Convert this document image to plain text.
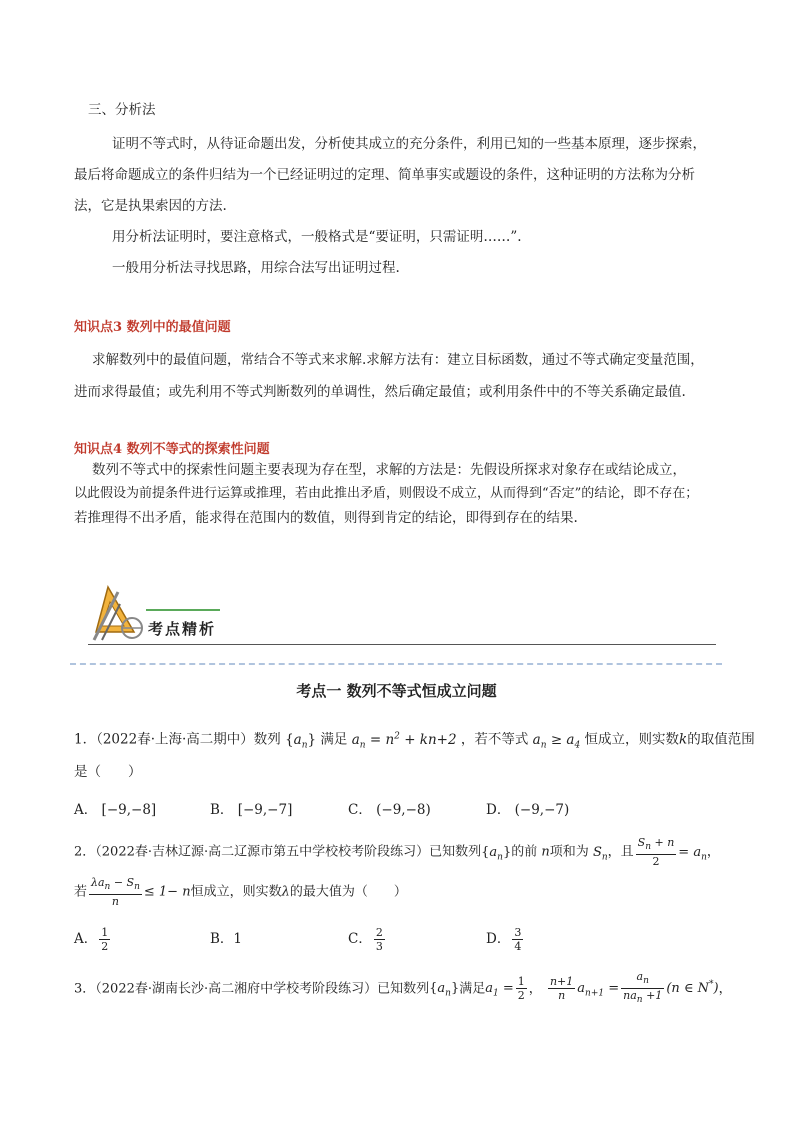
三、分析法
证明不等式时，从待证命题出发，分析使其成立的充分条件，利用已知的一些基本原理，逐步探索，
最后将命题成立的条件归结为一个已经证明过的定理、简单事实或题设的条件，这种证明的方法称为分析
法，它是执果索因的方法.
用分析法证明时，要注意格式，一般格式是“要证明，只需证明……”.
一般用分析法寻找思路，用综合法写出证明过程.
知识点3 数列中的最值问题
求解数列中的最值问题，常结合不等式来求解.求解方法有：建立目标函数，通过不等式确定变量范围，
进而求得最值；或先利用不等式判断数列的单调性，然后确定最值；或利用条件中的不等关系确定最值.
知识点4 数列不等式的探索性问题
数列不等式中的探索性问题主要表现为存在型，求解的方法是：先假设所探求对象存在或结论成立，
以此假设为前提条件进行运算或推理，若由此推出矛盾，则假设不成立，从而得到“否定”的结论，即不存在；
若推理得不出矛盾，能求得在范围内的数值，则得到肯定的结论，即得到存在的结果.
考点精析
考点一 数列不等式恒成立问题
1．（2022春·上海·高二期中）数列 $\{a_n\}$ 满足 $a_n = n^2 + kn+2$ ，若不等式 $a_n \ge a_4$ 恒成立，则实数k的取值范围
是（　　）
A． [−9,−8]	B． [−9,−7]	C． (−9,−8)	D． (−9,−7)
2．（2022春·吉林辽源·高二辽源市第五中学校校考阶段练习）已知数列$\{a_n\}$的前 n项和为 $S_n$，且 $\frac{S_n + n}{2} = a_n$，
若 $\frac{\lambda a_n - S_n}{n} \le 1- n$恒成立，则实数λ的最大值为（　　）
A． $\frac{1}{2}$	B．1	C． $\frac{2}{3}$	D． $\frac{3}{4}$
3．（2022春·湖南长沙·高二湘府中学校考阶段练习）已知数列$\{a_n\}$满足$a_1 = \frac{1}{2}$ ， $\frac{n+1}{n} a_{n+1} = \frac{a_n}{na_n +1} (n$ ∈ N*)，
